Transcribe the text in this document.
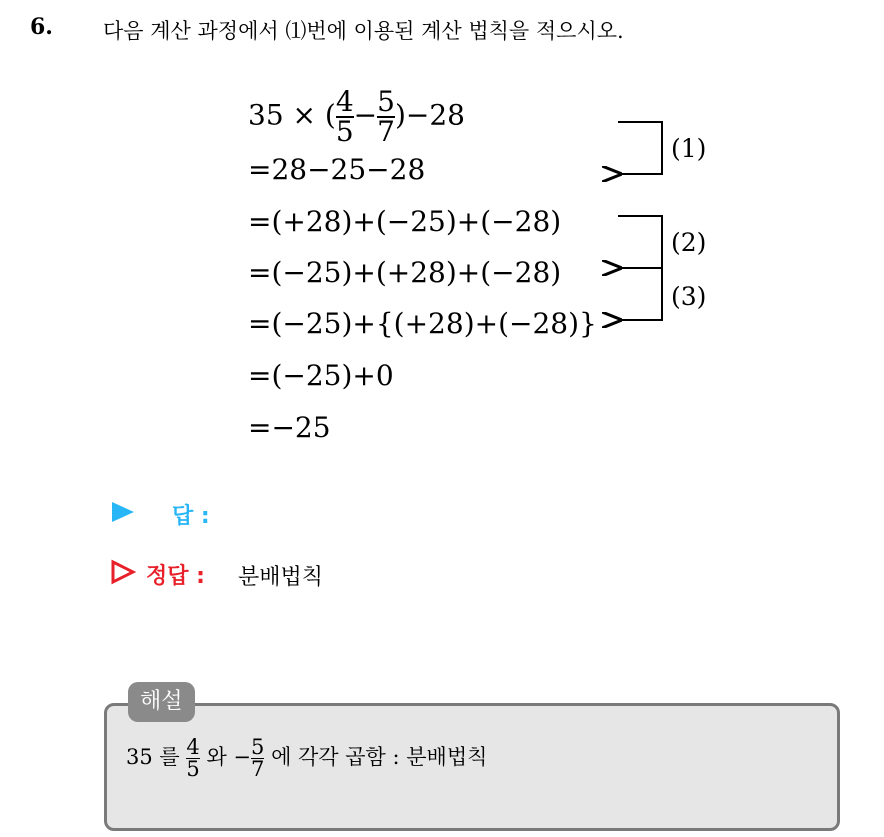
6. 다음 계산 과정에서 ⑴번에 이용된 계산 법칙을 적으시오.
35 × ( $\frac{4}{5} - \frac{5}{7} )-28$
=28−25−28
=(+28)+(−25)+(−28)
=(−25)+(+28)+(−28)
=(−25)+{(+28)+(−28)}
=(−25)+0
=−25
(1)
(2)
(3)
답 :
정답 : 분배법칙
해설
35 를 $\frac{4}{5}$ 와 − $\frac{5}{7}$ 에 각각 곱함 : 분배법칙
